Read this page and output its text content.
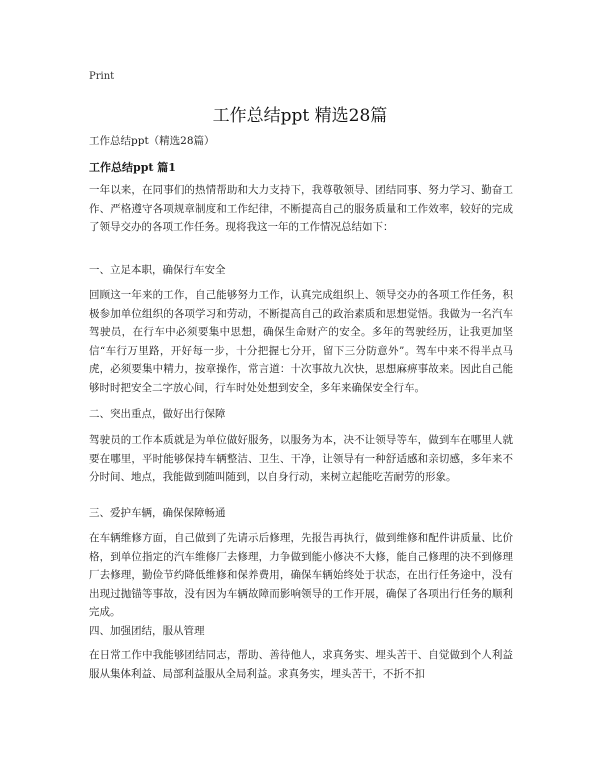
Print
工作总结ppt 精选28篇
工作总结ppt（精选28篇）
工作总结ppt 篇1
一年以来，在同事们的热情帮助和大力支持下，我尊敬领导、团结同事、努力学习、勤奋工作、严格遵守各项规章制度和工作纪律，不断提高自己的服务质量和工作效率，较好的完成了领导交办的各项工作任务。现将我这一年的工作情况总结如下：
一、立足本职，确保行车安全
回顾这一年来的工作，自己能够努力工作，认真完成组织上、领导交办的各项工作任务，积极参加单位组织的各项学习和劳动，不断提高自己的政治素质和思想觉悟。我做为一名汽车驾驶员，在行车中必须要集中思想，确保生命财产的安全。多年的驾驶经历，让我更加坚信“车行万里路，开好每一步，十分把握七分开，留下三分防意外”。驾车中来不得半点马虎，必须要集中精力，按章操作，常言道：十次事故九次快，思想麻痹事故来。因此自己能够时时把安全二字放心间，行车时处处想到安全，多年来确保安全行车。
二、突出重点，做好出行保障
驾驶员的工作本质就是为单位做好服务，以服务为本，决不让领导等车，做到车在哪里人就要在哪里，平时能够保持车辆整洁、卫生、干净，让领导有一种舒适感和亲切感，多年来不分时间、地点，我能做到随叫随到，以自身行动，来树立起能吃苦耐劳的形象。
三、爱护车辆，确保保障畅通
在车辆维修方面，自己做到了先请示后修理，先报告再执行，做到维修和配件讲质量、比价格，到单位指定的汽车维修厂去修理，力争做到能小修决不大修，能自己修理的决不到修理厂去修理，勤俭节约降低维修和保养费用，确保车辆始终处于状态，在出行任务途中，没有出现过抛锚等事故，没有因为车辆故障而影响领导的工作开展，确保了各项出行任务的顺利完成。
四、加强团结，服从管理
在日常工作中我能够团结同志，帮助、善待他人，求真务实、埋头苦干、自觉做到个人利益服从集体利益、局部利益服从全局利益。求真务实，埋头苦干，不折不扣
